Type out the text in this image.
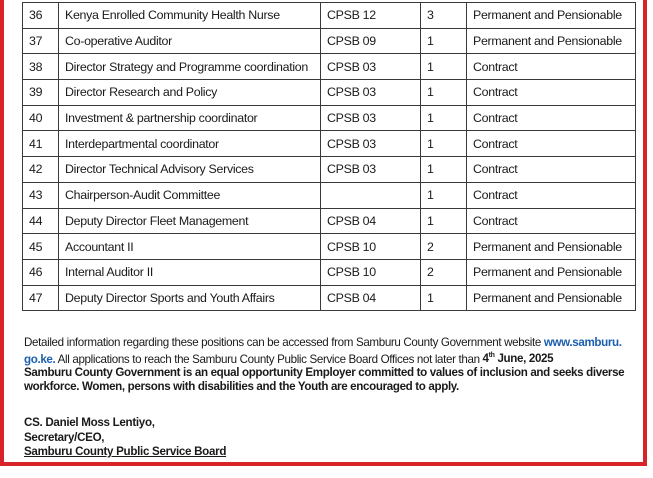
36	Kenya Enrolled Community Health Nurse	CPSB 12	3	Permanent and Pensionable
37	Co-operative Auditor	CPSB 09	1	Permanent and Pensionable
38	Director Strategy and Programme coordination	CPSB 03	1	Contract
39	Director Research and Policy	CPSB 03	1	Contract
40	Investment & partnership coordinator	CPSB 03	1	Contract
41	Interdepartmental coordinator	CPSB 03	1	Contract
42	Director Technical Advisory Services	CPSB 03	1	Contract
43	Chairperson-Audit Committee		1	Contract
44	Deputy Director Fleet Management	CPSB 04	1	Contract
45	Accountant II	CPSB 10	2	Permanent and Pensionable
46	Internal Auditor II	CPSB 10	2	Permanent and Pensionable
47	Deputy Director Sports and Youth Affairs	CPSB 04	1	Permanent and Pensionable

Detailed information regarding these positions can be accessed from Samburu County Government website www.samburu.
go.ke. All applications to reach the Samburu County Public Service Board Offices not later than 4th June, 2025

Samburu County Government is an equal opportunity Employer committed to values of inclusion and seeks diverse workforce. Women, persons with disabilities and the Youth are encouraged to apply.

CS. Daniel Moss Lentiyo,
Secretary/CEO,
Samburu County Public Service Board
